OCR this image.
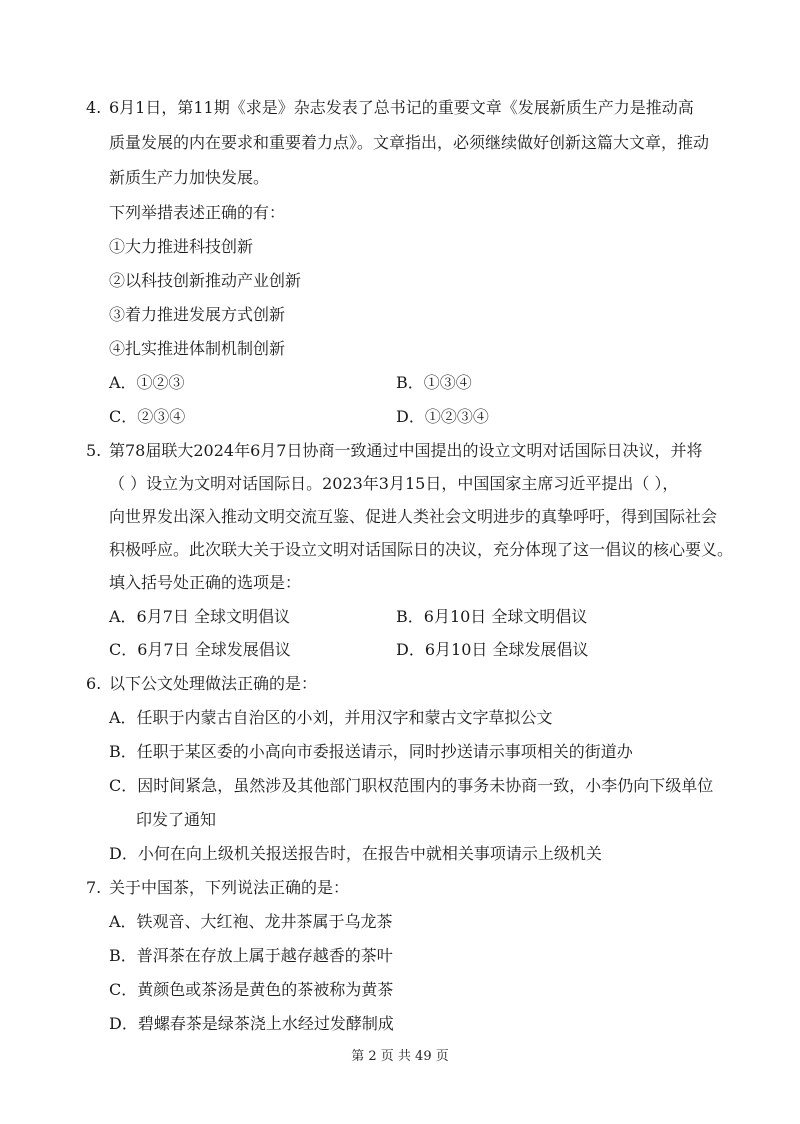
4. 6月1日，第11期《求是》杂志发表了总书记的重要文章《发展新质生产力是推动高
质量发展的内在要求和重要着力点》。文章指出，必须继续做好创新这篇大文章，推动
新质生产力加快发展。
下列举措表述正确的有：
①大力推进科技创新
②以科技创新推动产业创新
③着力推进发展方式创新
④扎实推进体制机制创新
A．①②③	B．①③④
C．②③④	D．①②③④
5. 第78届联大2024年6月7日协商一致通过中国提出的设立文明对话国际日决议，并将
（ ）设立为文明对话国际日。2023年3月15日，中国国家主席习近平提出（ ），
向世界发出深入推动文明交流互鉴、促进人类社会文明进步的真挚呼吁，得到国际社会
积极呼应。此次联大关于设立文明对话国际日的决议，充分体现了这一倡议的核心要义。
填入括号处正确的选项是：
A．6月7日 全球文明倡议	B．6月10日 全球文明倡议
C．6月7日 全球发展倡议	D．6月10日 全球发展倡议
6. 以下公文处理做法正确的是：
A．任职于内蒙古自治区的小刘，并用汉字和蒙古文字草拟公文
B．任职于某区委的小高向市委报送请示，同时抄送请示事项相关的街道办
C．因时间紧急，虽然涉及其他部门职权范围内的事务未协商一致，小李仍向下级单位
印发了通知
D．小何在向上级机关报送报告时，在报告中就相关事项请示上级机关
7. 关于中国茶，下列说法正确的是：
A．铁观音、大红袍、龙井茶属于乌龙茶
B．普洱茶在存放上属于越存越香的茶叶
C．黄颜色或茶汤是黄色的茶被称为黄茶
D．碧螺春茶是绿茶浇上水经过发酵制成
第 2 页 共 49 页
